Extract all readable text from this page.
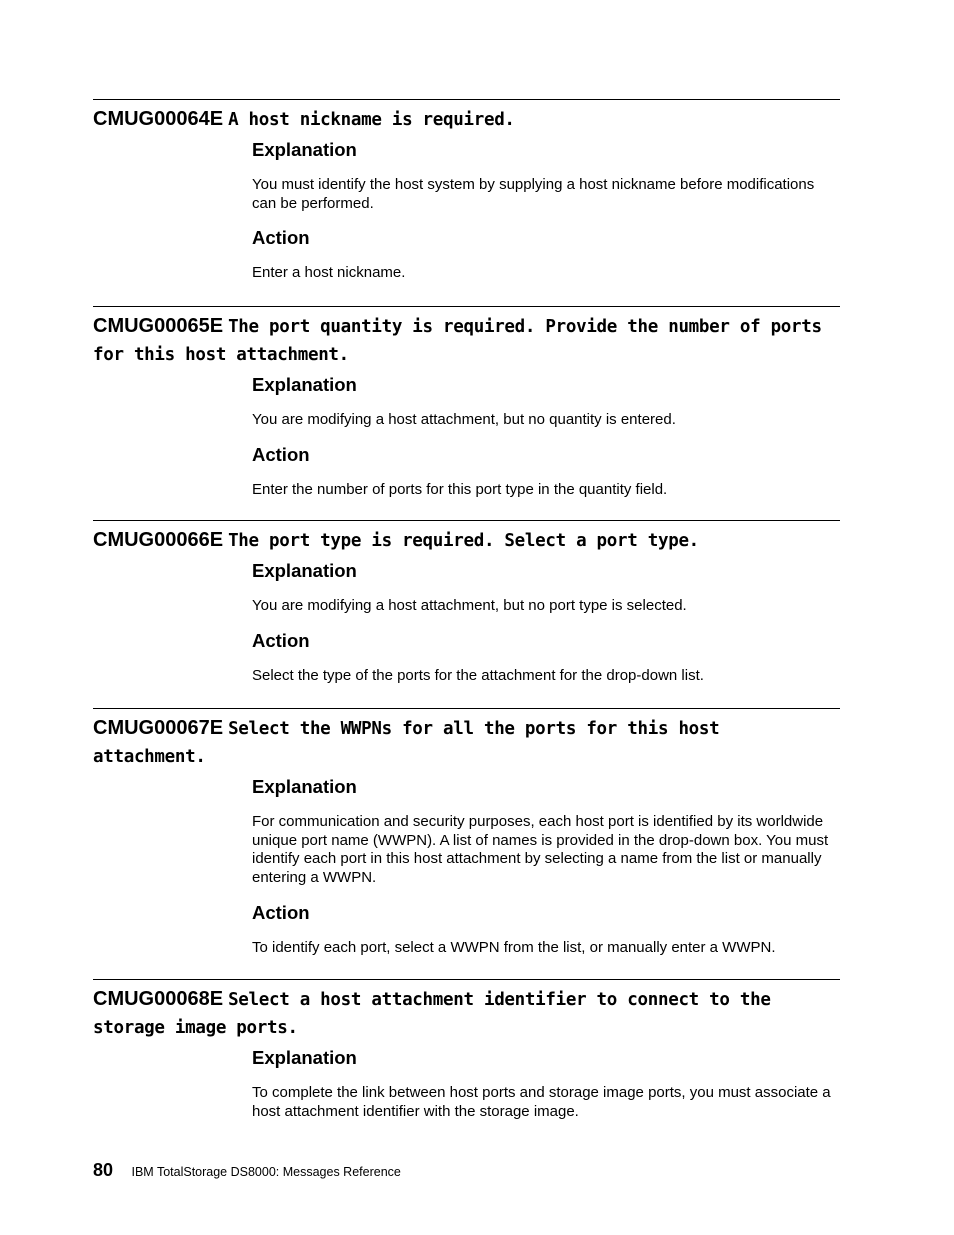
CMUG00064E A host nickname is required.

Explanation

You must identify the host system by supplying a host nickname before modifications can be performed.

Action

Enter a host nickname.

CMUG00065E The port quantity is required. Provide the number of ports for this host attachment.

Explanation

You are modifying a host attachment, but no quantity is entered.

Action

Enter the number of ports for this port type in the quantity field.

CMUG00066E The port type is required. Select a port type.

Explanation

You are modifying a host attachment, but no port type is selected.

Action

Select the type of the ports for the attachment for the drop-down list.

CMUG00067E Select the WWPNs for all the ports for this host attachment.

Explanation

For communication and security purposes, each host port is identified by its worldwide unique port name (WWPN). A list of names is provided in the drop-down box. You must identify each port in this host attachment by selecting a name from the list or manually entering a WWPN.

Action

To identify each port, select a WWPN from the list, or manually enter a WWPN.

CMUG00068E Select a host attachment identifier to connect to the storage image ports.

Explanation

To complete the link between host ports and storage image ports, you must associate a host attachment identifier with the storage image.

80 IBM TotalStorage DS8000: Messages Reference
